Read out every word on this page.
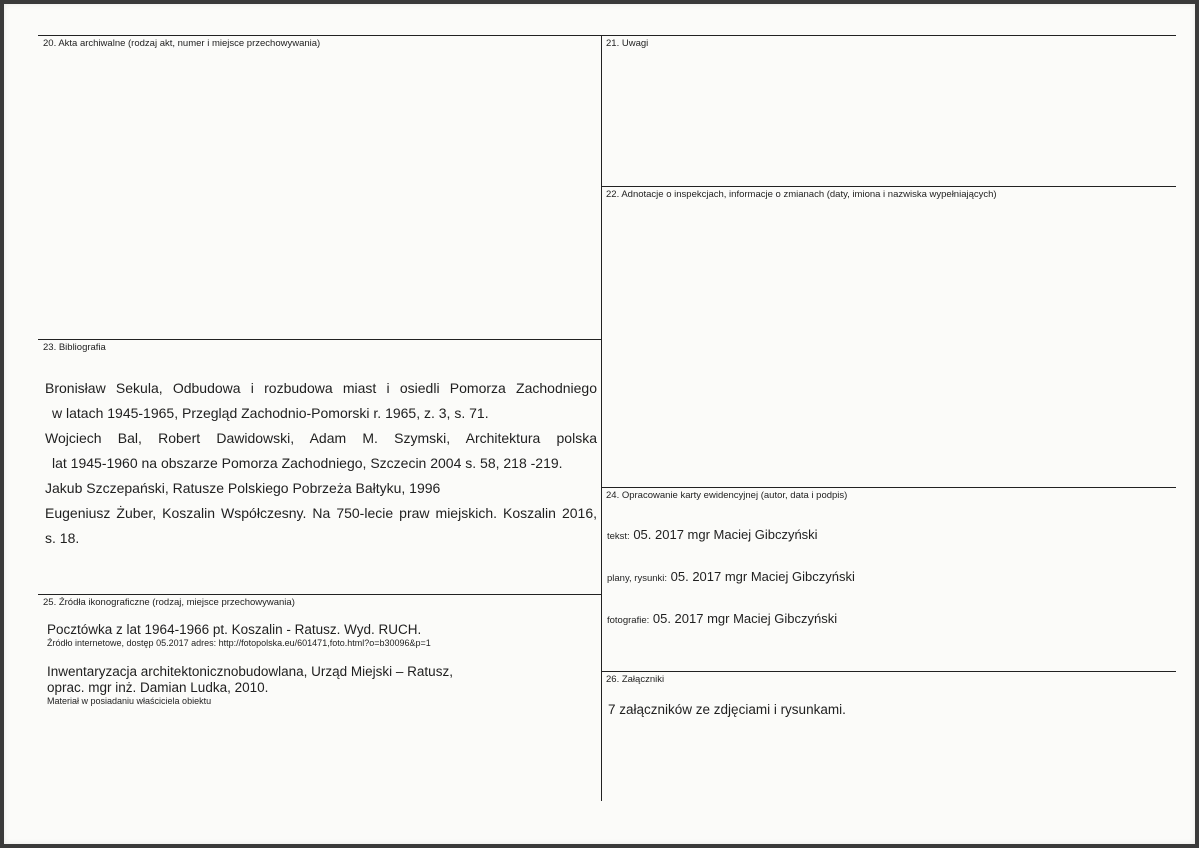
20. Akta archiwalne (rodzaj akt, numer i miejsce przechowywania)	21. Uwagi
22. Adnotacje o inspekcjach, informacje o zmianach (daty, imiona i nazwiska wypełniających)
23. Bibliografia
24. Opracowanie karty ewidencyjnej (autor, data i podpis)
25. Źródła ikonograficzne (rodzaj, miejsce przechowywania)
26. Załączniki
Bronisław Sekula, Odbudowa i rozbudowa miast i osiedli Pomorza Zachodniego
w latach 1945-1965, Przegląd Zachodnio-Pomorski r. 1965, z. 3, s. 71.
Wojciech Bal, Robert Dawidowski, Adam M. Szymski, Architektura polska
lat 1945-1960 na obszarze Pomorza Zachodniego, Szczecin 2004 s. 58, 218 -219.
Jakub Szczepański, Ratusze Polskiego Pobrzeża Bałtyku, 1996
Eugeniusz Żuber, Koszalin Współczesny. Na 750-lecie praw miejskich. Koszalin 2016,
s. 18.
Pocztówka z lat 1964-1966 pt. Koszalin - Ratusz. Wyd. RUCH.
Źródło internetowe, dostęp 05.2017 adres: http://fotopolska.eu/601471,foto.html?o=b30096&p=1
Inwentaryzacja architektonicznobudowlana, Urząd Miejski – Ratusz,
oprac. mgr inż. Damian Ludka, 2010.
Materiał w posiadaniu właściciela obiektu
tekst: 05. 2017 mgr Maciej Gibczyński
plany, rysunki: 05. 2017 mgr Maciej Gibczyński
fotografie: 05. 2017 mgr Maciej Gibczyński
7 załączników ze zdjęciami i rysunkami.
